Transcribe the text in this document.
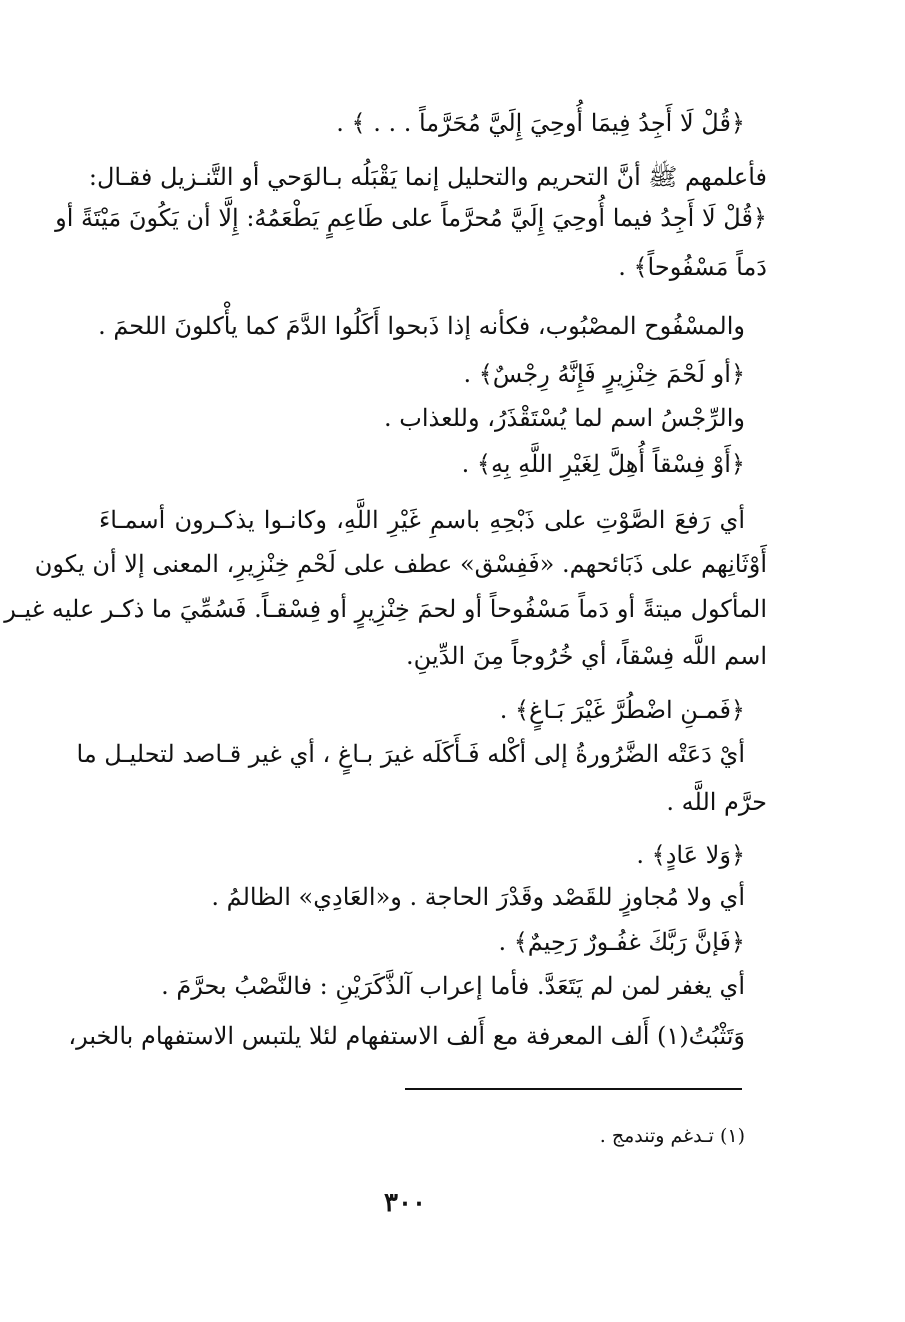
﴿قُلْ لَا أَجِدُ فِيمَا أُوحِيَ إِلَيَّ مُحَرَّماً . . . ﴾ .
فأعلمهم ﷺ أنَّ التحريم والتحليل إنما يَقْبَلُه بـالوَحي أو التَّنـزيل فقـال:
﴿قُلْ لَا أَجِدُ فيما أُوحِيَ إِلَيَّ مُحرَّماً على طَاعِمٍ يَطْعَمُهُ: إِلَّا أن يَكُونَ مَيْتَةً أو
دَماً مَسْفُوحاً﴾ .
والمسْفُوح المصْبُوب، فكأنه إذا ذَبحوا أَكَلُوا الدَّمَ كما يأْكلونَ اللحمَ .
﴿أو لَحْمَ خِنْزِيرٍ فَإِنَّهُ رِجْسٌ﴾ .
والرِّجْسُ اسم لما يُسْتَقْذَرُ، وللعذاب .
﴿أَوْ فِسْقاً أُهِلَّ لِغَيْرِ اللَّهِ بِهِ﴾ .
أي رَفعَ الصَّوْتِ على ذَبْحِهِ باسمِ غَيْرِ اللَّهِ، وكانـوا يذكـرون أسمـاءَ
أَوْثَانِهم على ذَبَائحهم. «فَفِسْق» عطف على لَحْمِ خِنْزِيرِ، المعنى إلا أن يكون
المأكول ميتةً أو دَماً مَسْفُوحاً أو لحمَ خِنْزِيرٍ أو فِسْقـاً. فَسُمِّيَ ما ذكـر عليه غيـر
اسم اللَّه فِسْقاً، أي خُرُوجاً مِنَ الدِّينِ.
﴿فَمـنِ اضْطُرَّ غَيْرَ بَـاغٍ﴾ .
أيْ دَعَتْه الضَّرُورةُ إلى أكْله فَـأَكَلَه غيرَ بـاغٍ ، أي غير قـاصد لتحليـل ما
حرَّم اللَّه .
﴿وَلا عَادٍ﴾ .
أي ولا مُجاوزٍ للقَصْد وقَدْرَ الحاجة . و«العَادِي» الظالمُ .
﴿فَإنَّ رَبَّكَ غفُـورٌ رَحِيمٌ﴾ .
أي يغفر لمن لم يَتَعَدَّ. فأما إعراب آلذَّكَرَيْنِ : فالنَّصْبُ بحرَّمَ .
وَتَثْبُتُ(١) أَلف المعرفة مع أَلف الاستفهام لئلا يلتبس الاستفهام بالخبر،
(١) تـدغم وتندمج .
٣٠٠
